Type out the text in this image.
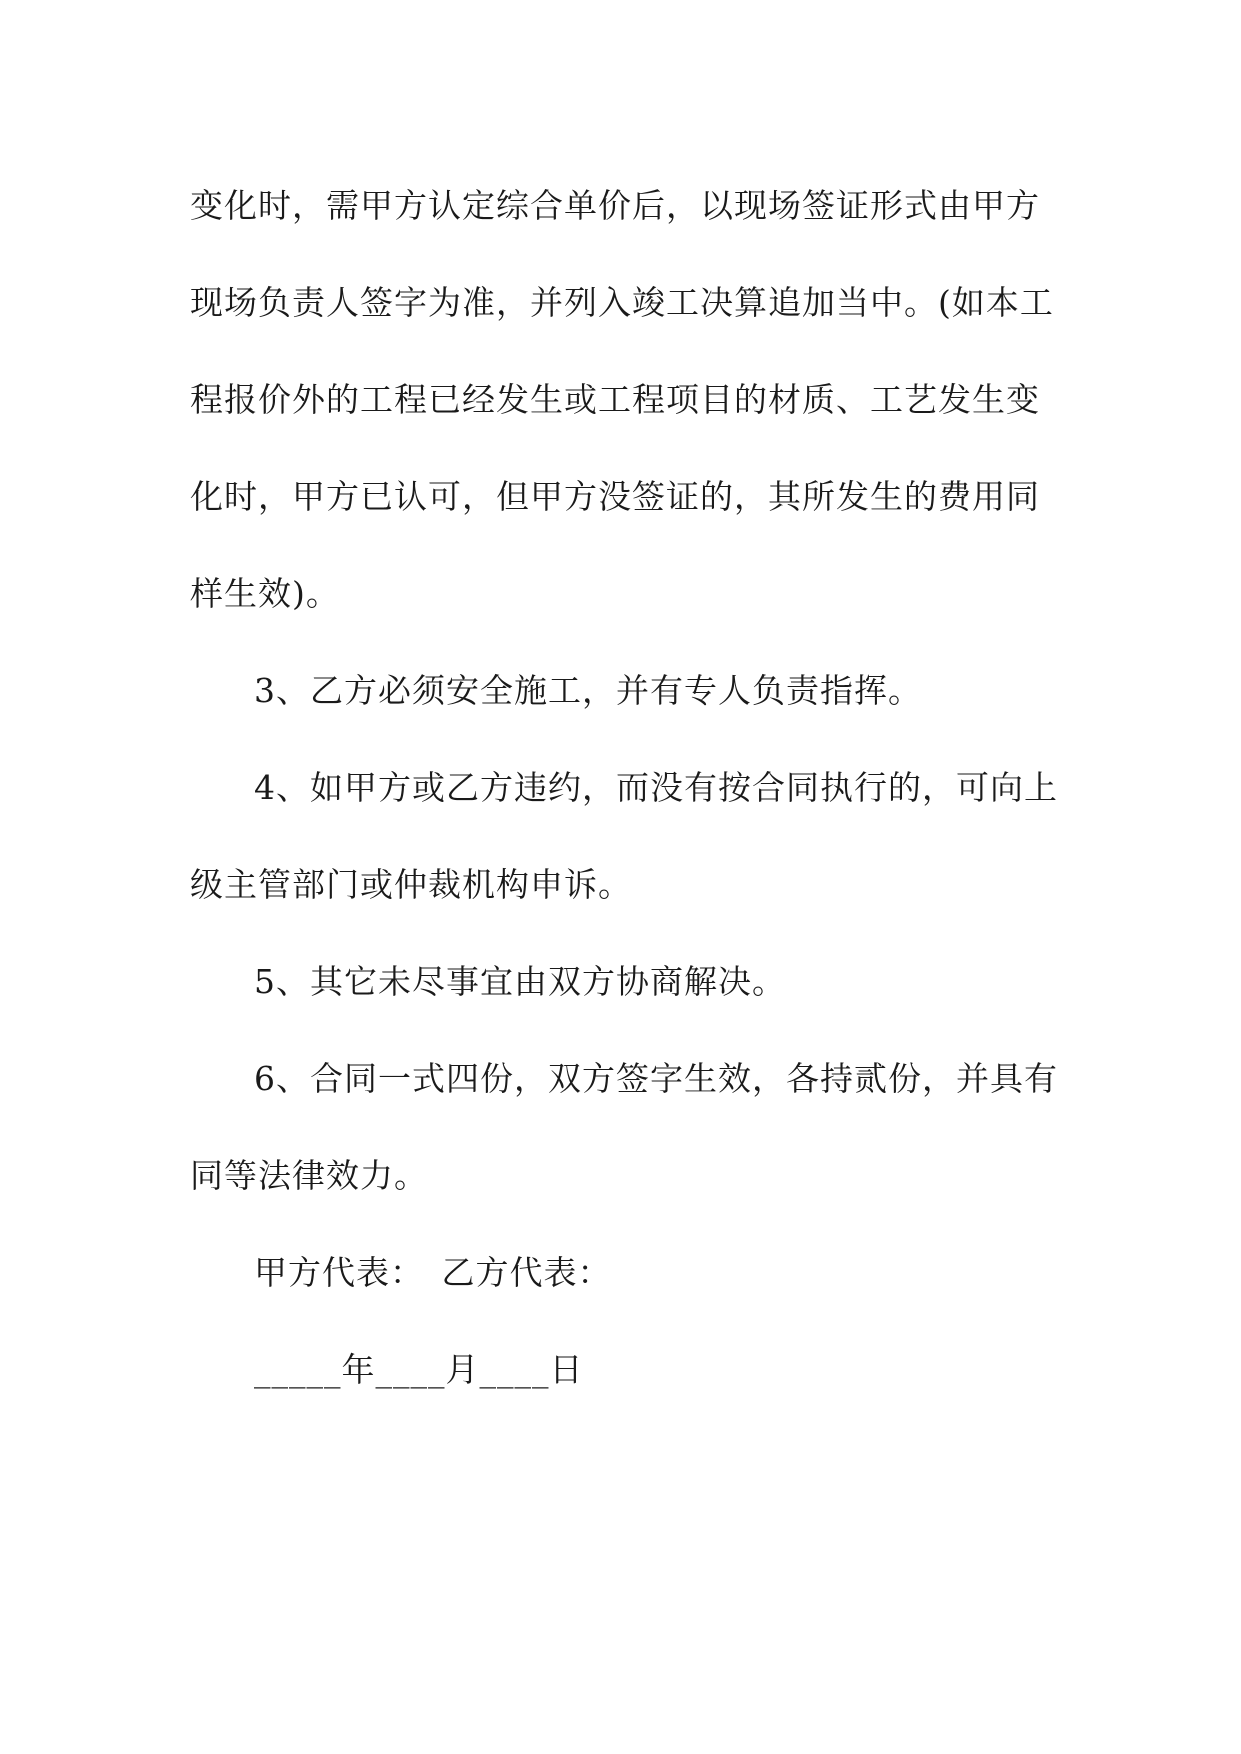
变化时，需甲方认定综合单价后，以现场签证形式由甲方
现场负责人签字为准，并列入竣工决算追加当中。(如本工
程报价外的工程已经发生或工程项目的材质、工艺发生变
化时，甲方已认可，但甲方没签证的，其所发生的费用同
样生效)。
3、乙方必须安全施工，并有专人负责指挥。
4、如甲方或乙方违约，而没有按合同执行的，可向上
级主管部门或仲裁机构申诉。
5、其它未尽事宜由双方协商解决。
6、合同一式四份，双方签字生效，各持贰份，并具有
同等法律效力。
甲方代表：　乙方代表：
_____年____月____日
